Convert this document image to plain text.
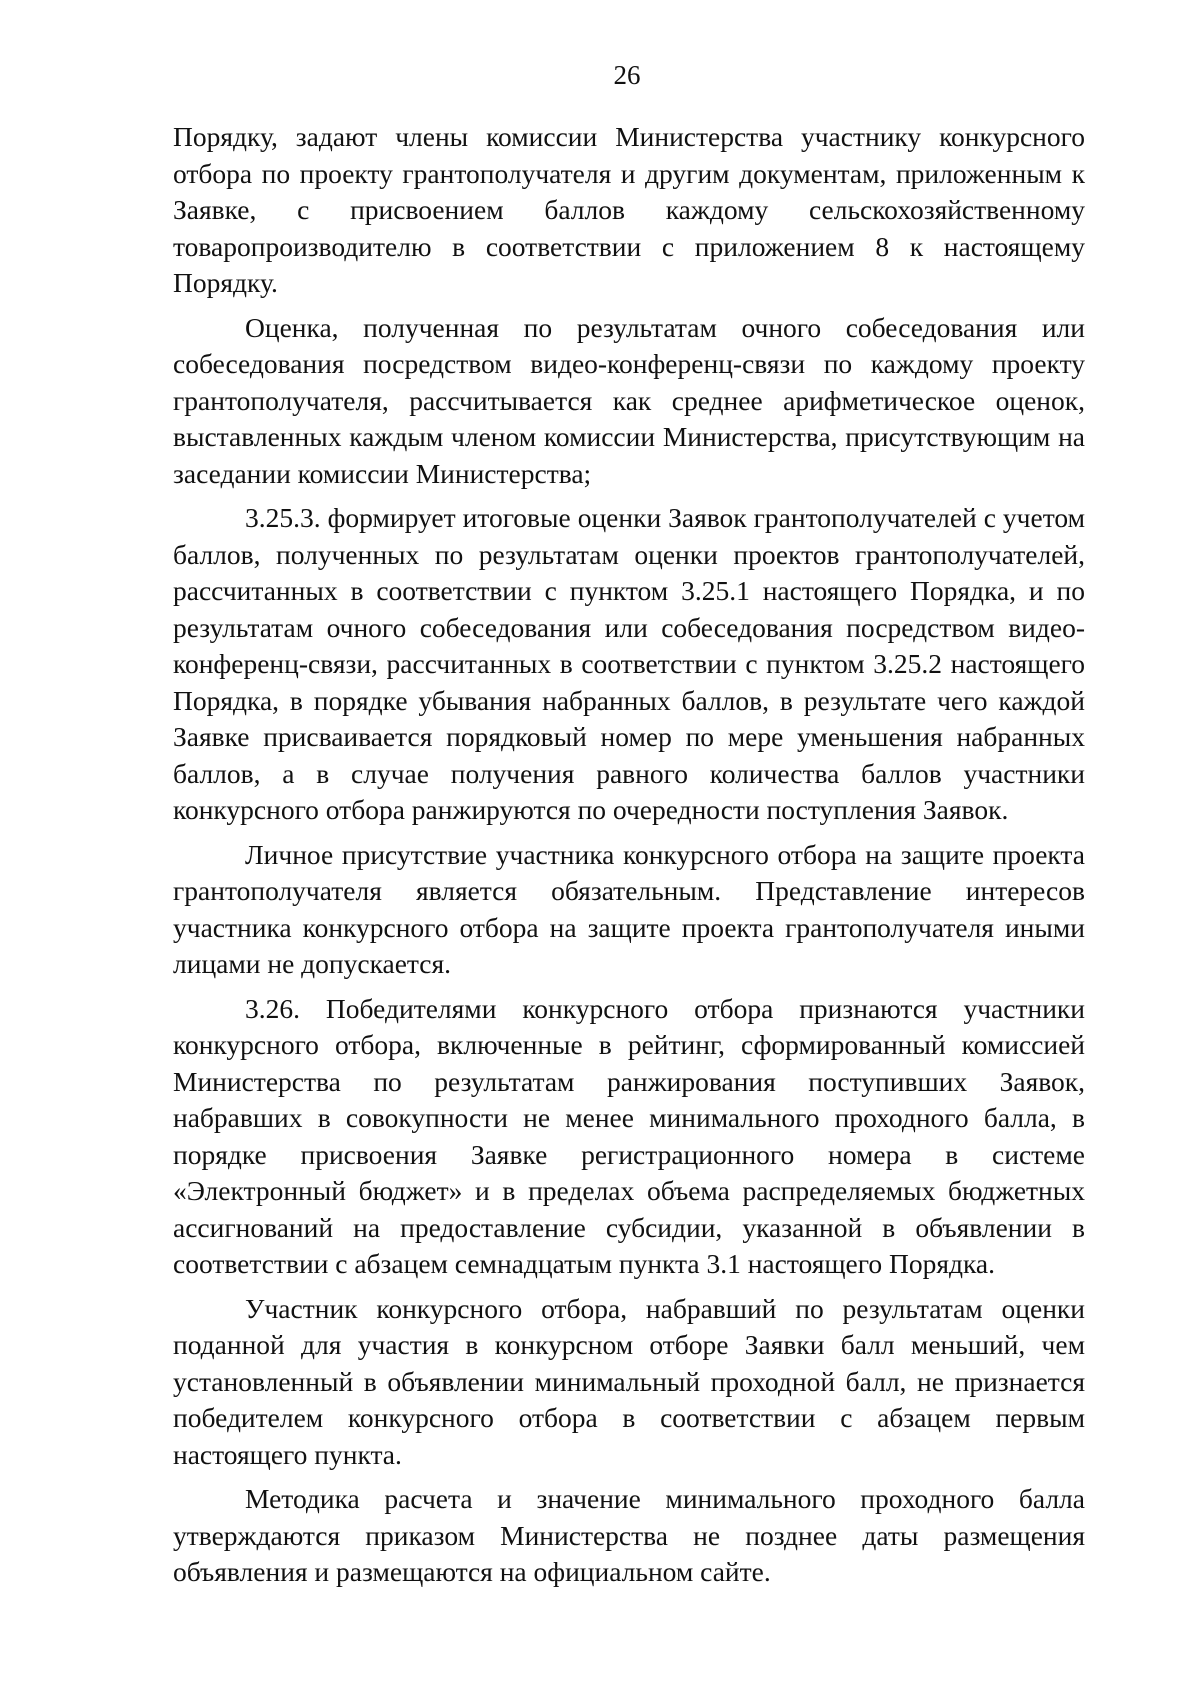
26

Порядку, задают члены комиссии Министерства участнику конкурсного отбора по проекту грантополучателя и другим документам, приложенным к Заявке, с присвоением баллов каждому сельскохозяйственному товаропроизводителю в соответствии с приложением 8 к настоящему Порядку.

Оценка, полученная по результатам очного собеседования или собеседования посредством видео-конференц-связи по каждому проекту грантополучателя, рассчитывается как среднее арифметическое оценок, выставленных каждым членом комиссии Министерства, присутствующим на заседании комиссии Министерства;

3.25.3. формирует итоговые оценки Заявок грантополучателей с учетом баллов, полученных по результатам оценки проектов грантополучателей, рассчитанных в соответствии с пунктом 3.25.1 настоящего Порядка, и по результатам очного собеседования или собеседования посредством видео-конференц-связи, рассчитанных в соответствии с пунктом 3.25.2 настоящего Порядка, в порядке убывания набранных баллов, в результате чего каждой Заявке присваивается порядковый номер по мере уменьшения набранных баллов, а в случае получения равного количества баллов участники конкурсного отбора ранжируются по очередности поступления Заявок.

Личное присутствие участника конкурсного отбора на защите проекта грантополучателя является обязательным. Представление интересов участника конкурсного отбора на защите проекта грантополучателя иными лицами не допускается.

3.26. Победителями конкурсного отбора признаются участники конкурсного отбора, включенные в рейтинг, сформированный комиссией Министерства по результатам ранжирования поступивших Заявок, набравших в совокупности не менее минимального проходного балла, в порядке присвоения Заявке регистрационного номера в системе «Электронный бюджет» и в пределах объема распределяемых бюджетных ассигнований на предоставление субсидии, указанной в объявлении в соответствии с абзацем семнадцатым пункта 3.1 настоящего Порядка.

Участник конкурсного отбора, набравший по результатам оценки поданной для участия в конкурсном отборе Заявки балл меньший, чем установленный в объявлении минимальный проходной балл, не признается победителем конкурсного отбора в соответствии с абзацем первым настоящего пункта.

Методика расчета и значение минимального проходного балла утверждаются приказом Министерства не позднее даты размещения объявления и размещаются на официальном сайте.
